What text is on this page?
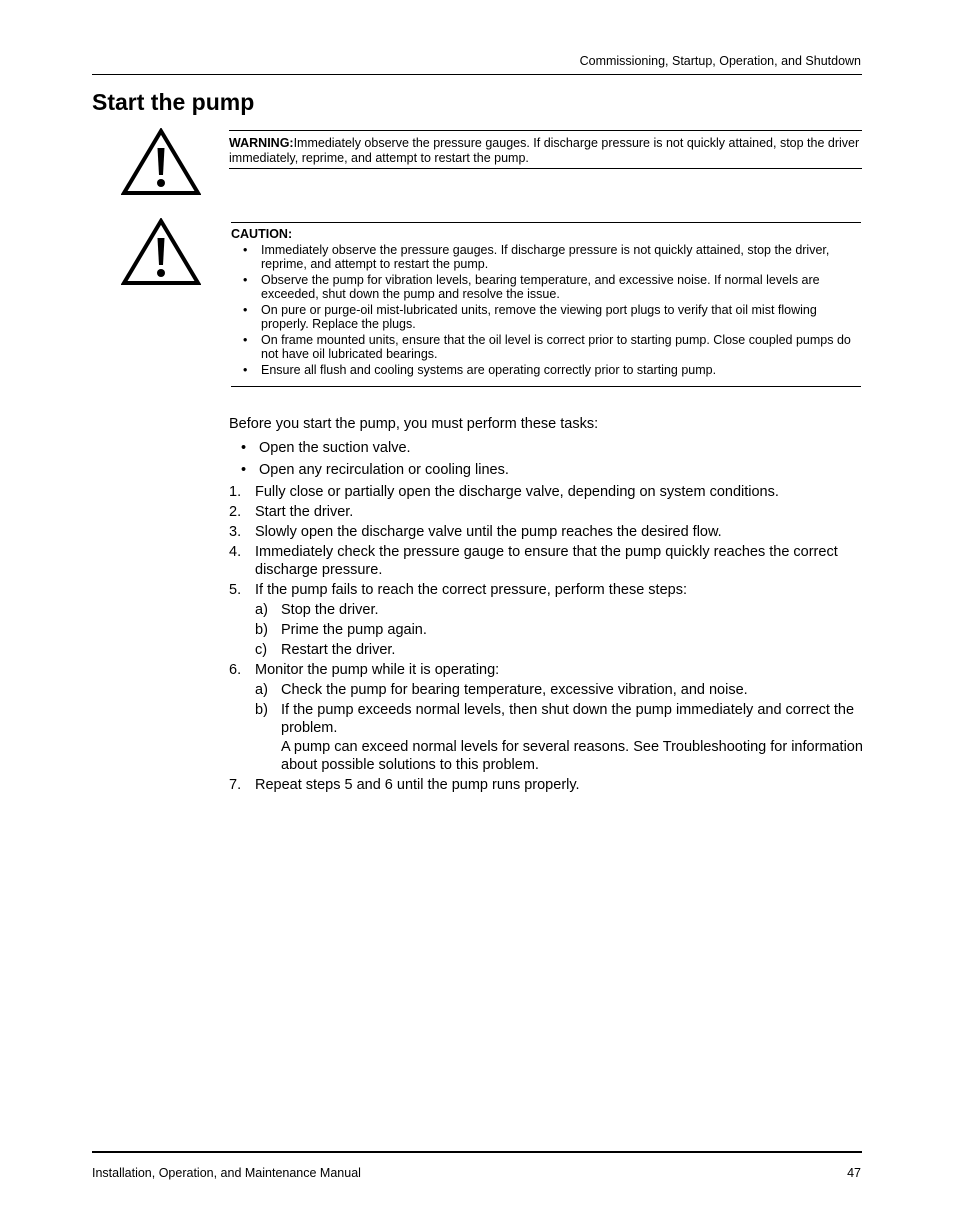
Commissioning, Startup, Operation, and Shutdown
Start the pump
WARNING:Immediately observe the pressure gauges. If discharge pressure is not quickly attained, stop the driver immediately, reprime, and attempt to restart the pump.
CAUTION:
• Immediately observe the pressure gauges. If discharge pressure is not quickly attained, stop the driver, reprime, and attempt to restart the pump.
• Observe the pump for vibration levels, bearing temperature, and excessive noise. If normal levels are exceeded, shut down the pump and resolve the issue.
• On pure or purge-oil mist-lubricated units, remove the viewing port plugs to verify that oil mist flowing properly. Replace the plugs.
• On frame mounted units, ensure that the oil level is correct prior to starting pump. Close coupled pumps do not have oil lubricated bearings.
• Ensure all flush and cooling systems are operating correctly prior to starting pump.

Before you start the pump, you must perform these tasks:

• Open the suction valve.
• Open any recirculation or cooling lines.
1. Fully close or partially open the discharge valve, depending on system conditions.
2. Start the driver.
3. Slowly open the discharge valve until the pump reaches the desired flow.
4. Immediately check the pressure gauge to ensure that the pump quickly reaches the correct discharge pressure.
5. If the pump fails to reach the correct pressure, perform these steps:
a) Stop the driver.
b) Prime the pump again.
c) Restart the driver.
6. Monitor the pump while it is operating:
a) Check the pump for bearing temperature, excessive vibration, and noise.
b) If the pump exceeds normal levels, then shut down the pump immediately and correct the problem.
A pump can exceed normal levels for several reasons. See Troubleshooting for information about possible solutions to this problem.
7. Repeat steps 5 and 6 until the pump runs properly.
Installation, Operation, and Maintenance Manual	47
